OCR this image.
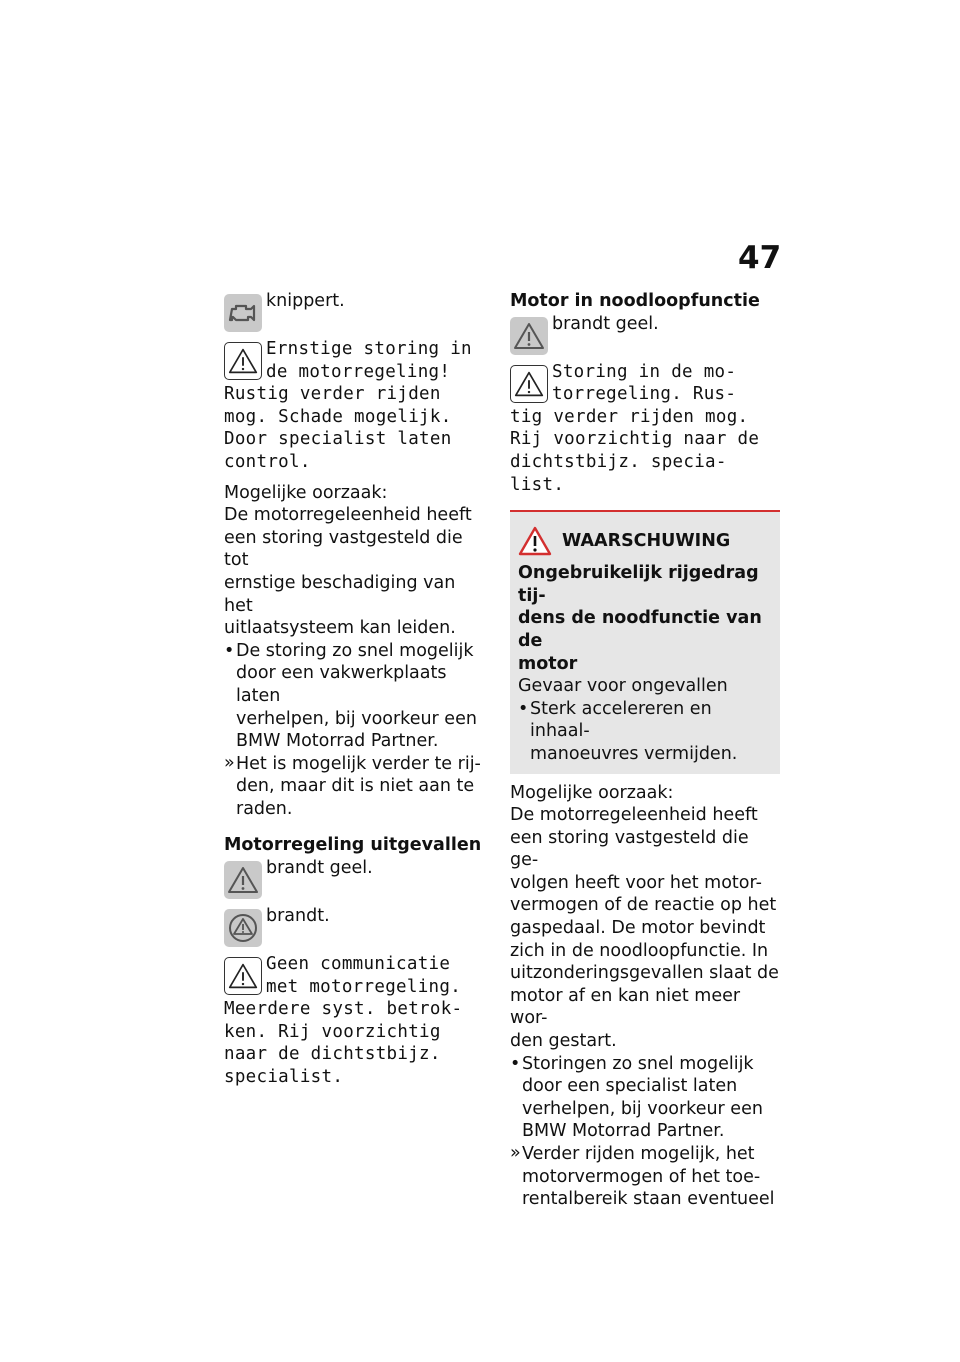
47
knippert.
Ernstige storing in
de motorregeling!
Rustig verder rijden
mog. Schade mogelijk.
Door specialist laten
control.
Mogelijke oorzaak:
De motorregeleenheid heeft
een storing vastgesteld die tot
ernstige beschadiging van het
uitlaatsysteem kan leiden.
• De storing zo snel mogelijk
door een vakwerkplaats laten
verhelpen, bij voorkeur een
BMW Motorrad Partner.
» Het is mogelijk verder te rij-
den, maar dit is niet aan te
raden.
Motorregeling uitgevallen
brandt geel.
brandt.
Geen communicatie
met motorregeling.
Meerdere syst. betrok-
ken. Rij voorzichtig
naar de dichtstbijz.
specialist.
Motor in noodloopfunctie
brandt geel.
Storing in de mo-
torregeling. Rus-
tig verder rijden mog.
Rij voorzichtig naar de
dichtstbijz. specia-
list.
WAARSCHUWING
Ongebruikelijk rijgedrag tij-
dens de noodfunctie van de
motor
Gevaar voor ongevallen
• Sterk accelereren en inhaal-
manoeuvres vermijden.
Mogelijke oorzaak:
De motorregeleenheid heeft
een storing vastgesteld die ge-
volgen heeft voor het motor-
vermogen of de reactie op het
gaspedaal. De motor bevindt
zich in de noodloopfunctie. In
uitzonderingsgevallen slaat de
motor af en kan niet meer wor-
den gestart.
• Storingen zo snel mogelijk
door een specialist laten
verhelpen, bij voorkeur een
BMW Motorrad Partner.
» Verder rijden mogelijk, het
motorvermogen of het toe-
rentalbereik staan eventueel
